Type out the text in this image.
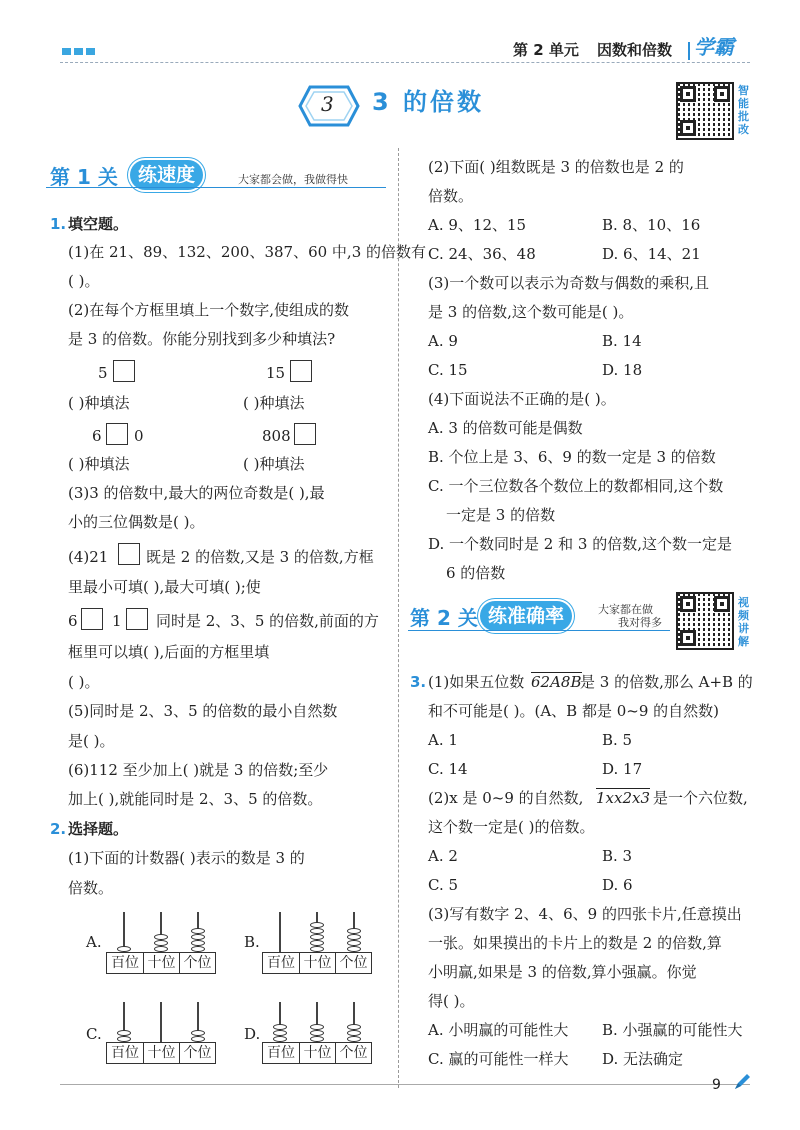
第 2 单元 因数和倍数 学霸
3 3 的倍数	智能批改
第 1 关	练速度	大家都会做，我做得快
1. 填空题。
(1)在 21、89、132、200、387、60 中,3 的倍数有
( )。
(2)在每个方框里填上一个数字,使组成的数
是 3 的倍数。你能分别找到多少种填法?
5	15
( )种填法	( )种填法
6 0	808
( )种填法	( )种填法
(3)3 的倍数中,最大的两位奇数是( ),最
小的三位偶数是( )。
(4)21	既是 2 的倍数,又是 3 的倍数,方框
里最小可填( ),最大可填( );使
6 1 同时是 2、3、5 的倍数,前面的方
框里可以填( ),后面的方框里填
( )。
(5)同时是 2、3、5 的倍数的最小自然数
是( )。
(6)112 至少加上( )就是 3 的倍数;至少
加上( ),就能同时是 2、3、5 的倍数。
2. 选择题。
(1)下面的计数器( )表示的数是 3 的
倍数。
A.
百位 十位 个位
B.
百位 十位 个位
C.
百位 十位 个位
D.
百位 十位 个位
(2)下面( )组数既是 3 的倍数也是 2 的
倍数。
A. 9、12、15	B. 8、10、16
C. 24、36、48	D. 6、14、21
(3)一个数可以表示为奇数与偶数的乘积,且
是 3 的倍数,这个数可能是( )。
A. 9	B. 14
C. 15	D. 18
(4)下面说法不正确的是( )。
A. 3 的倍数可能是偶数
B. 个位上是 3、6、9 的数一定是 3 的倍数
C. 一个三位数各个数位上的数都相同,这个数
一定是 3 的倍数
D. 一个数同时是 2 和 3 的倍数,这个数一定是
6 的倍数
第 2 关 练准确率	大家都在做
我对得多
视频讲解
3. (1)如果五位数 62A8B
是 3 的倍数,那么 A+B 的
和不可能是( )。(A、B 都是 0~9 的自然数)
A. 1	B. 5
C. 14	D. 17
(2)x 是 0~9 的自然数, 1xx2x3 是一个六位数,
这个数一定是( )的倍数。
A. 2	B. 3
C. 5	D. 6
(3)写有数字 2、4、6、9 的四张卡片,任意摸出
一张。如果摸出的卡片上的数是 2 的倍数,算
小明赢,如果是 3 的倍数,算小强赢。你觉
得( )。
A. 小明赢的可能性大 B. 小强赢的可能性大
C. 赢的可能性一样大 D. 无法确定
9
